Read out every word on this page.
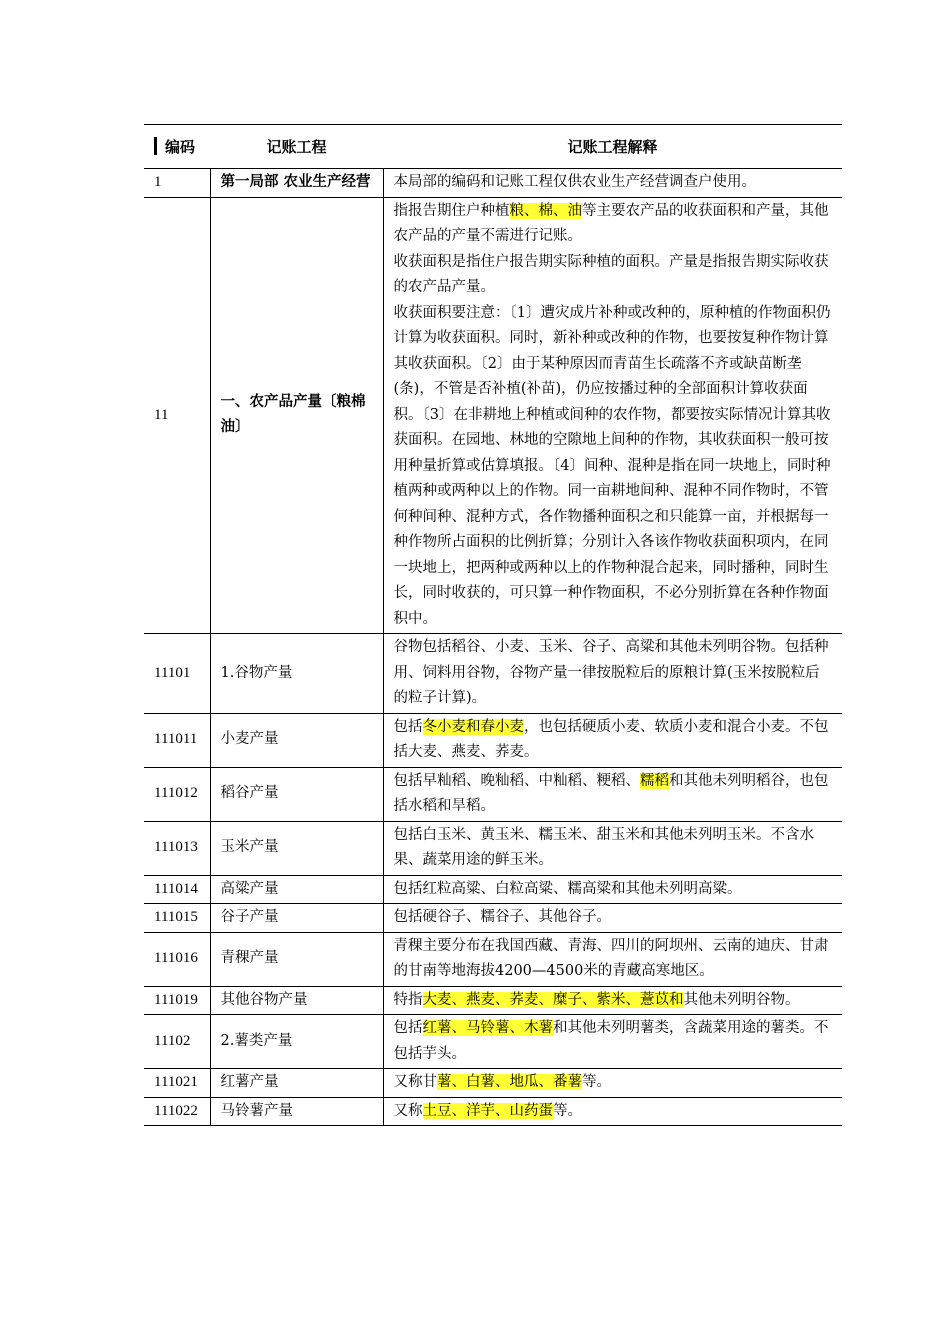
编码	记账工程	记账工程解释
1	第一局部 农业生产经营	本局部的编码和记账工程仅供农业生产经营调查户使用。

11	一、农产品产量〔粮棉油〕	指报告期住户种植粮、棉、油等主要农产品的收获面积和产量，其他农产品的产量不需进行记账。

收获面积是指住户报告期实际种植的面积。产量是指报告期实际收获的农产品产量。

收获面积要注意：〔1〕遭灾成片补种或改种的，原种植的作物面积仍计算为收获面积。同时，新补种或改种的作物，也要按复种作物计算其收获面积。〔2〕由于某种原因而青苗生长疏落不齐或缺苗断垄(条)，不管是否补植(补苗)，仍应按播过种的全部面积计算收获面积。〔3〕在非耕地上种植或间种的农作物，都要按实际情况计算其收获面积。在园地、林地的空隙地上间种的作物，其收获面积一般可按用种量折算或估算填报。〔4〕间种、混种是指在同一块地上，同时种植两种或两种以上的作物。同一亩耕地间种、混种不同作物时，不管何种间种、混种方式，各作物播种面积之和只能算一亩，并根据每一种作物所占面积的比例折算；分别计入各该作物收获面积项内，在同一块地上，把两种或两种以上的作物种混合起来，同时播种，同时生长，同时收获的，可只算一种作物面积，不必分别折算在各种作物面积中。

11101	1.谷物产量	谷物包括稻谷、小麦、玉米、谷子、高粱和其他未列明谷物。包括种用、饲料用谷物，谷物产量一律按脱粒后的原粮计算(玉米按脱粒后的粒子计算)。

111011	小麦产量	包括冬小麦和春小麦，也包括硬质小麦、软质小麦和混合小麦。不包括大麦、燕麦、荞麦。

111012	稻谷产量	包括早籼稻、晚籼稻、中籼稻、粳稻、糯稻和其他未列明稻谷，也包括水稻和旱稻。

111013	玉米产量	包括白玉米、黄玉米、糯玉米、甜玉米和其他未列明玉米。不含水果、蔬菜用途的鲜玉米。

111014	高粱产量	包括红粒高粱、白粒高粱、糯高粱和其他未列明高粱。

111015	谷子产量	包括硬谷子、糯谷子、其他谷子。

111016	青稞产量	青稞主要分布在我国西藏、青海、四川的阿坝州、云南的迪庆、甘肃的甘南等地海拔4200—4500米的青藏高寒地区。

111019	其他谷物产量	特指大麦、燕麦、荞麦、糜子、紫米、薏苡和其他未列明谷物。

11102	2.薯类产量	包括红薯、马铃薯、木薯和其他未列明薯类，含蔬菜用途的薯类。不包括芋头。

111021	红薯产量	又称甘薯、白薯、地瓜、番薯等。

111022	马铃薯产量	又称土豆、洋芋、山药蛋等。
